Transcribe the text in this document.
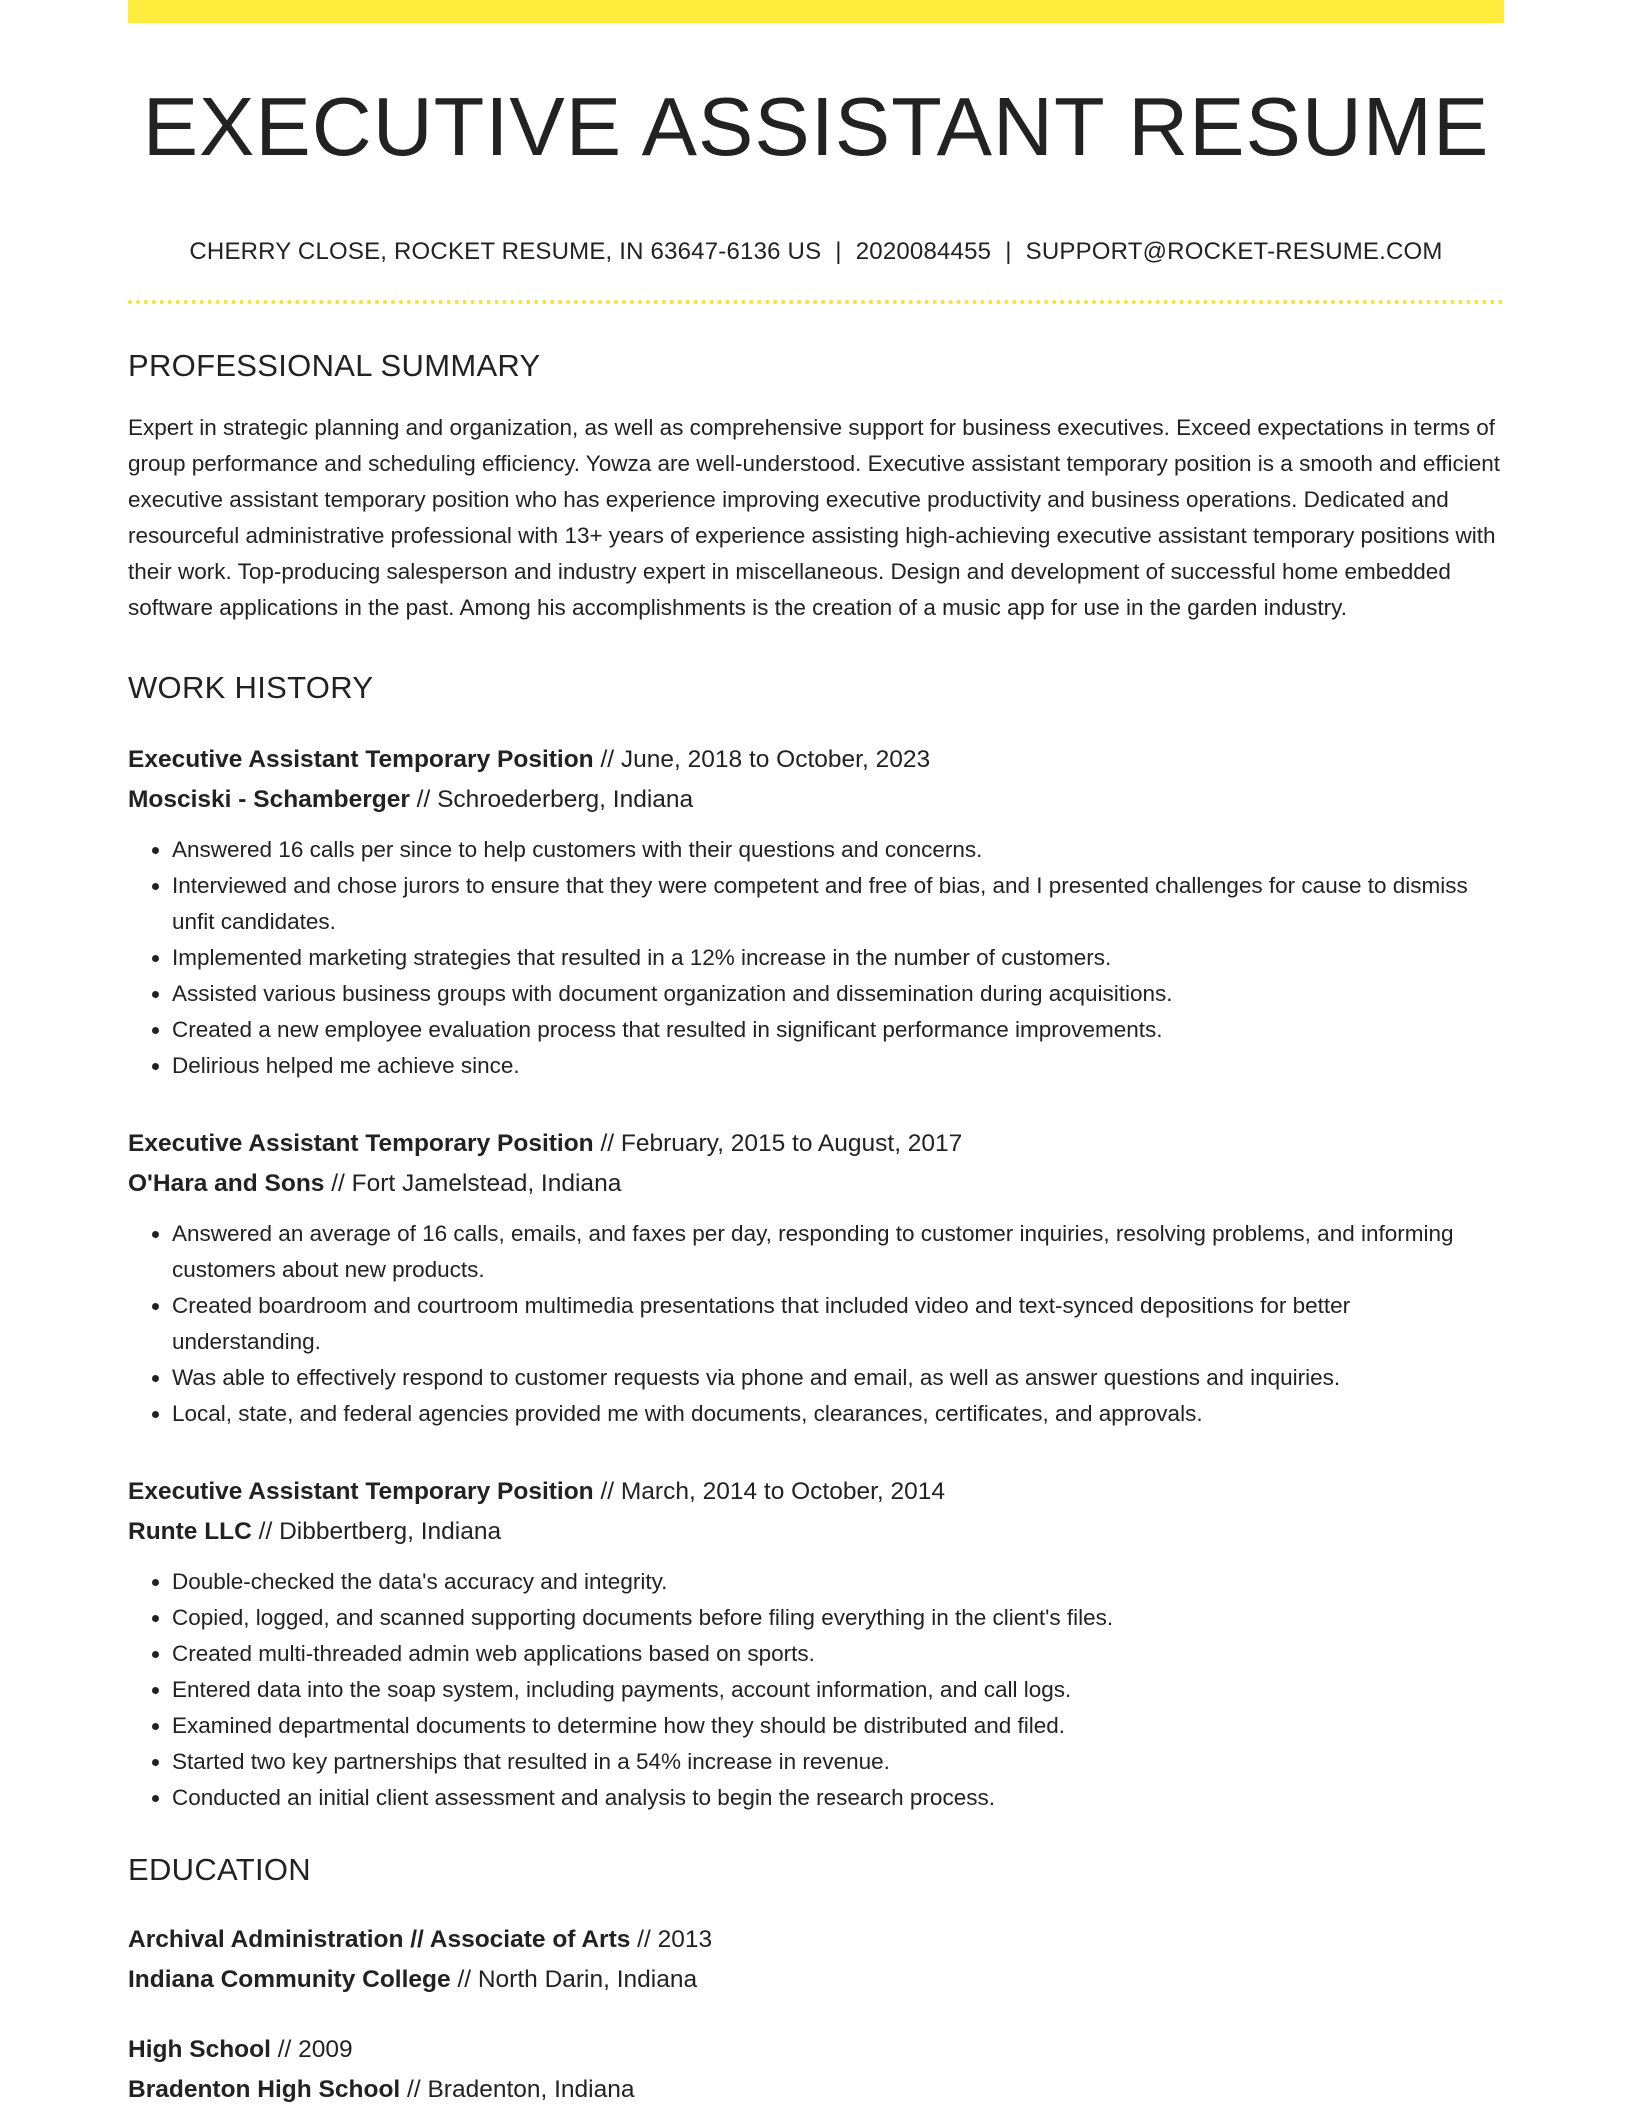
EXECUTIVE ASSISTANT RESUME
CHERRY CLOSE, ROCKET RESUME, IN 63647-6136 US | 2020084455 | SUPPORT@ROCKET-RESUME.COM
PROFESSIONAL SUMMARY

Expert in strategic planning and organization, as well as comprehensive support for business executives. Exceed expectations in terms of group performance and scheduling efficiency. Yowza are well-understood. Executive assistant temporary position is a smooth and efficient executive assistant temporary position who has experience improving executive productivity and business operations. Dedicated and resourceful administrative professional with 13+ years of experience assisting high-achieving executive assistant temporary positions with their work. Top-producing salesperson and industry expert in miscellaneous. Design and development of successful home embedded software applications in the past. Among his accomplishments is the creation of a music app for use in the garden industry.

WORK HISTORY
Executive Assistant Temporary Position // June, 2018 to October, 2023
Mosciski - Schamberger // Schroederberg, Indiana
• Answered 16 calls per since to help customers with their questions and concerns.
• Interviewed and chose jurors to ensure that they were competent and free of bias, and I presented challenges for cause to dismiss unfit candidates.
• Implemented marketing strategies that resulted in a 12% increase in the number of customers.
• Assisted various business groups with document organization and dissemination during acquisitions.
• Created a new employee evaluation process that resulted in significant performance improvements.
• Delirious helped me achieve since.
Executive Assistant Temporary Position // February, 2015 to August, 2017
O'Hara and Sons // Fort Jamelstead, Indiana
• Answered an average of 16 calls, emails, and faxes per day, responding to customer inquiries, resolving problems, and informing customers about new products.
• Created boardroom and courtroom multimedia presentations that included video and text-synced depositions for better understanding.
• Was able to effectively respond to customer requests via phone and email, as well as answer questions and inquiries.
• Local, state, and federal agencies provided me with documents, clearances, certificates, and approvals.
Executive Assistant Temporary Position // March, 2014 to October, 2014
Runte LLC // Dibbertberg, Indiana
• Double-checked the data's accuracy and integrity.
• Copied, logged, and scanned supporting documents before filing everything in the client's files.
• Created multi-threaded admin web applications based on sports.
• Entered data into the soap system, including payments, account information, and call logs.
• Examined departmental documents to determine how they should be distributed and filed.
• Started two key partnerships that resulted in a 54% increase in revenue.
• Conducted an initial client assessment and analysis to begin the research process.
EDUCATION
Archival Administration // Associate of Arts // 2013
Indiana Community College // North Darin, Indiana
High School // 2009
Bradenton High School // Bradenton, Indiana
